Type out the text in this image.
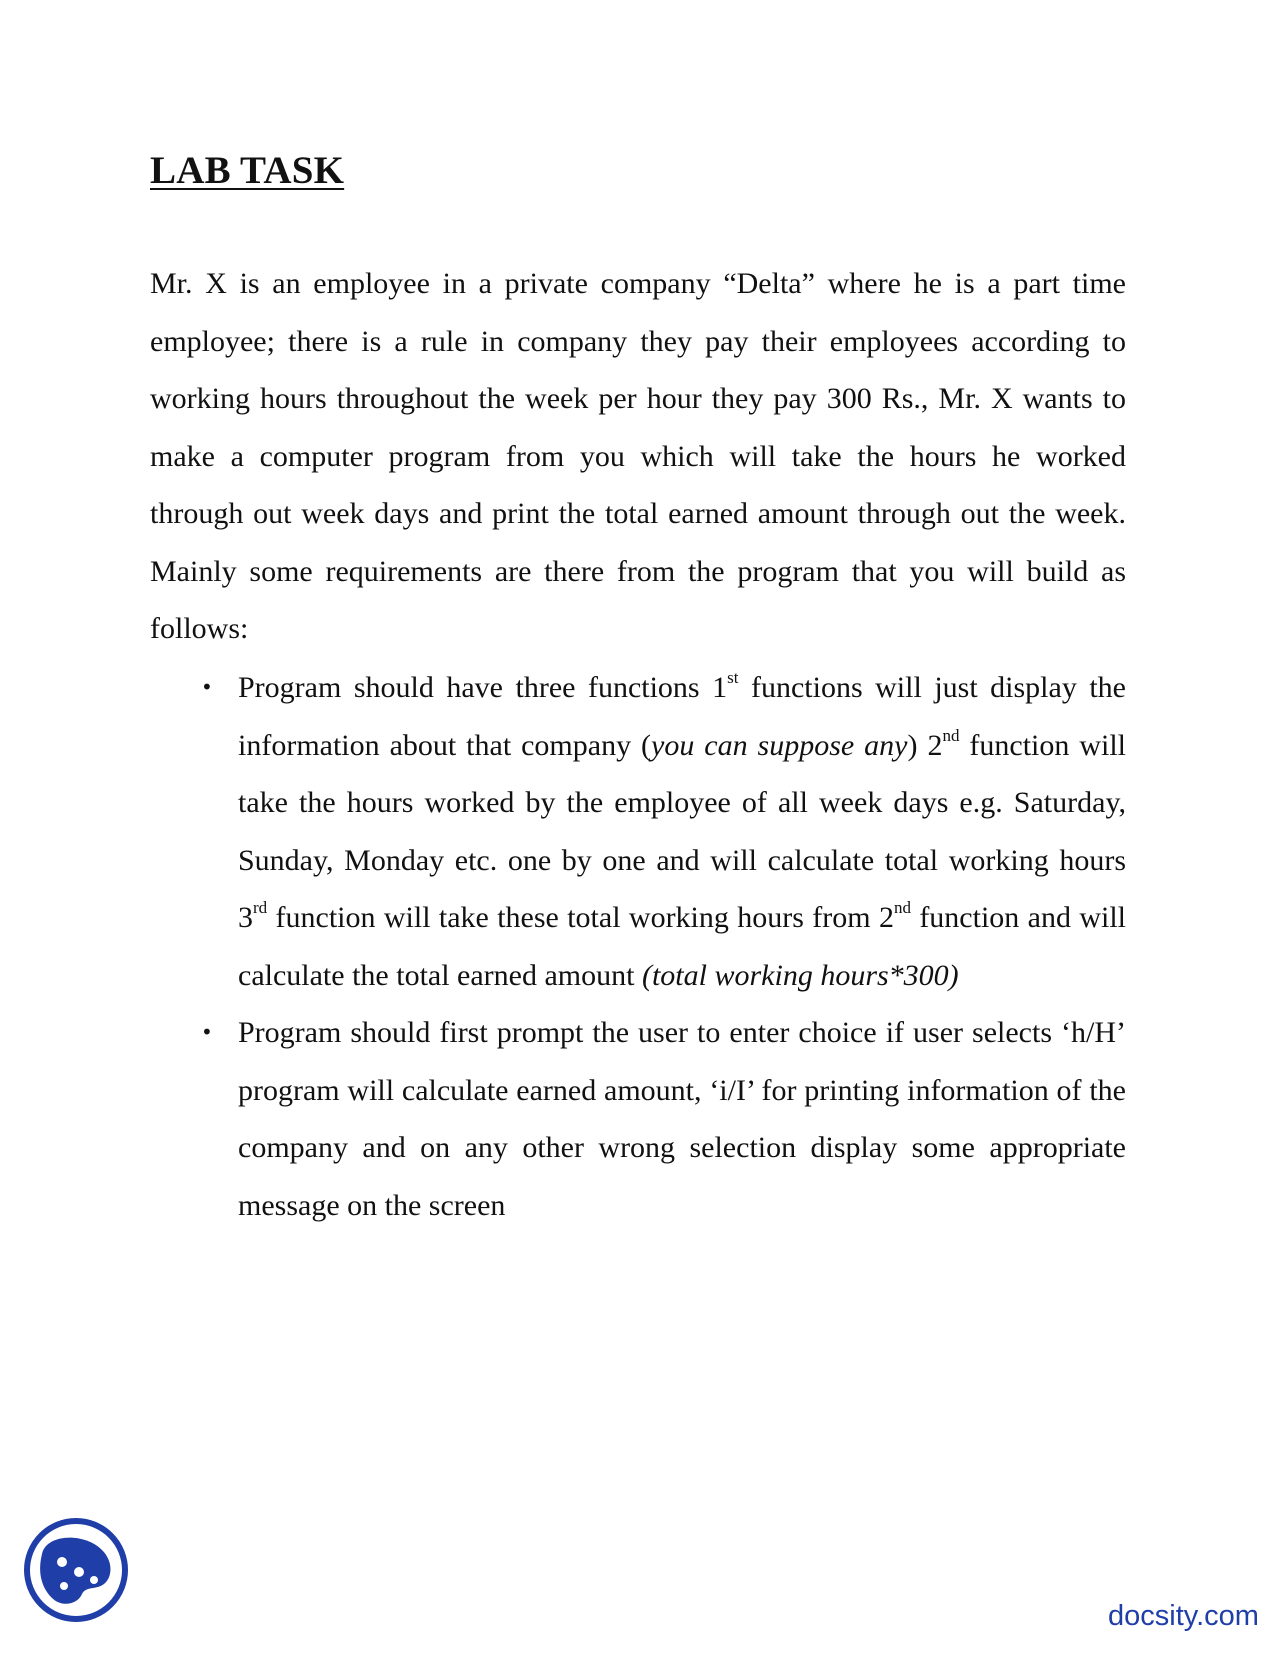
LAB TASK

Mr. X is an employee in a private company “Delta” where he is a part time employee; there is a rule in company they pay their employees according to working hours throughout the week per hour they pay 300 Rs., Mr. X wants to make a computer program from you which will take the hours he worked through out week days and print the total earned amount through out the week. Mainly some requirements are there from the program that you will build as follows:

• Program should have three functions 1st functions will just display the information about that company (you can suppose any) 2nd function will take the hours worked by the employee of all week days e.g. Saturday, Sunday, Monday etc. one by one and will calculate total working hours 3rd function will take these total working hours from 2nd function and will calculate the total earned amount (total working hours*300)
• Program should first prompt the user to enter choice if user selects ‘h/H’ program will calculate earned amount, ‘i/I’ for printing information of the company and on any other wrong selection display some appropriate message on the screen
docsity.com
